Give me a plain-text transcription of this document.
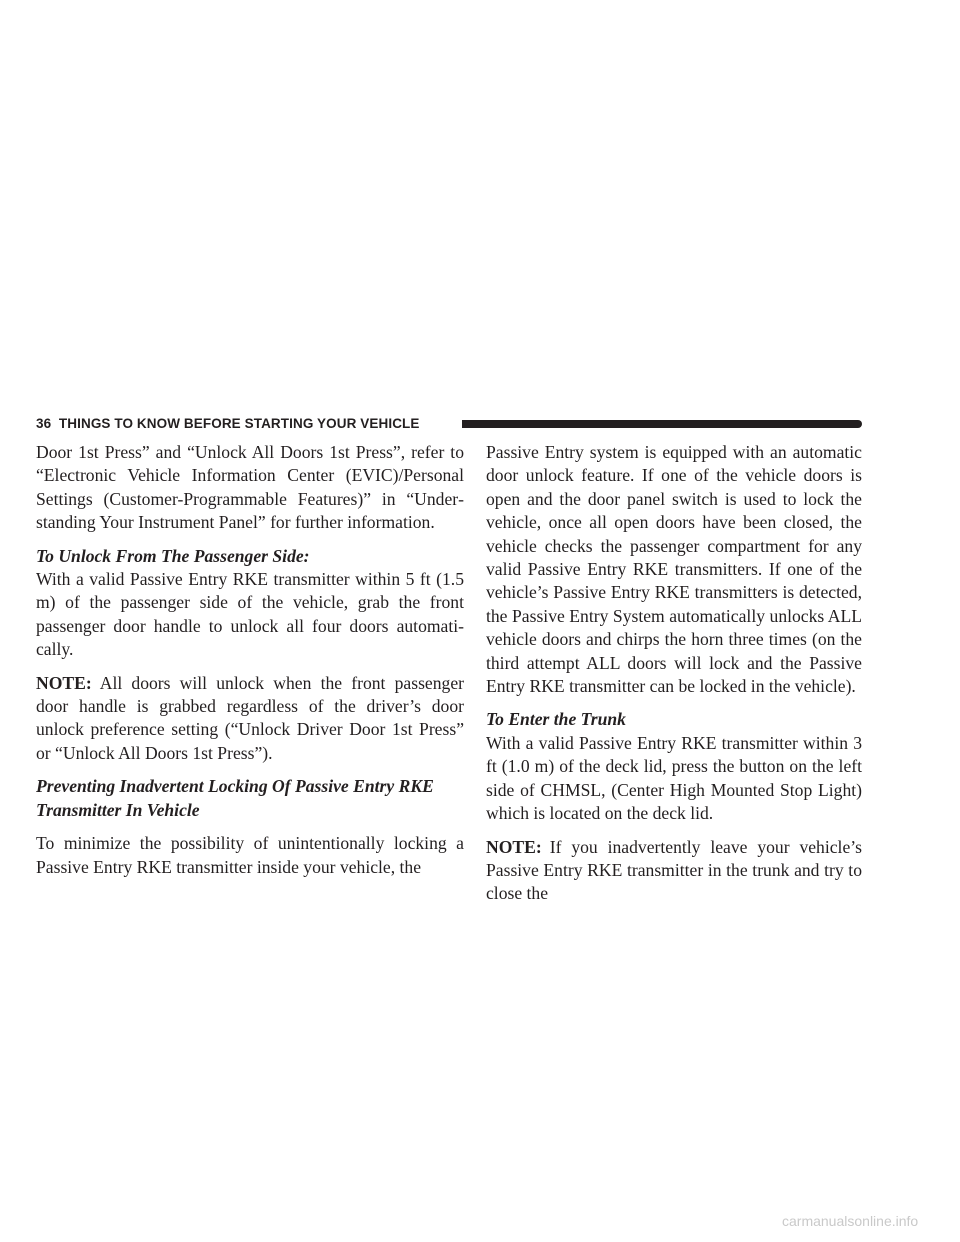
36 THINGS TO KNOW BEFORE STARTING YOUR VEHICLE

Door 1st Press” and “Unlock All Doors 1st Press”, refer to “Electronic Vehicle Information Center (EVIC)/Personal Settings (Customer-Programmable Features)” in “Understanding Your Instrument Panel” for further information.

To Unlock From The Passenger Side:

With a valid Passive Entry RKE transmitter within 5 ft (1.5 m) of the passenger side of the vehicle, grab the front passenger door handle to unlock all four doors automatically.

NOTE: All doors will unlock when the front passenger door handle is grabbed regardless of the driver’s door unlock preference setting (“Unlock Driver Door 1st Press” or “Unlock All Doors 1st Press”).

Preventing Inadvertent Locking Of Passive Entry RKE Transmitter In Vehicle

To minimize the possibility of unintentionally locking a Passive Entry RKE transmitter inside your vehicle, the

Passive Entry system is equipped with an automatic door unlock feature. If one of the vehicle doors is open and the door panel switch is used to lock the vehicle, once all open doors have been closed, the vehicle checks the passenger compartment for any valid Passive Entry RKE transmitters. If one of the vehicle’s Passive Entry RKE transmitters is detected, the Passive Entry System automatically unlocks ALL vehicle doors and chirps the horn three times (on the third attempt ALL doors will lock and the Passive Entry RKE transmitter can be locked in the vehicle).

To Enter the Trunk

With a valid Passive Entry RKE transmitter within 3 ft (1.0 m) of the deck lid, press the button on the left side of CHMSL, (Center High Mounted Stop Light) which is located on the deck lid.

NOTE: If you inadvertently leave your vehicle’s Passive Entry RKE transmitter in the trunk and try to close the

carmanualsonline.info
